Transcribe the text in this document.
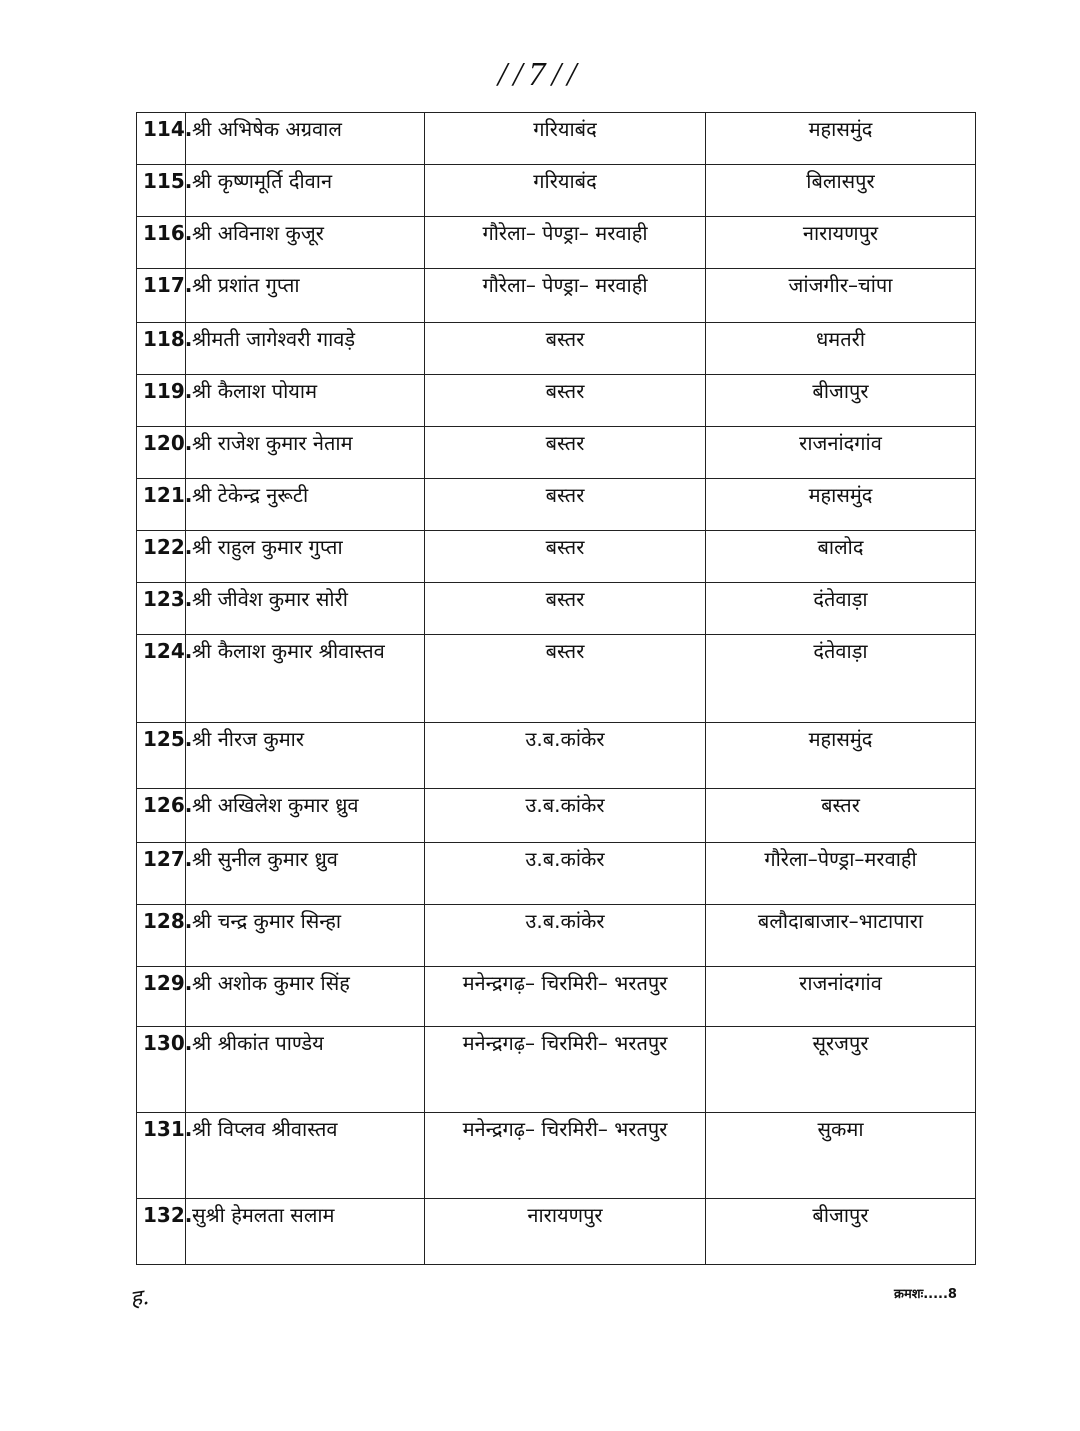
//7//
114.	श्री अभिषेक अग्रवाल	गरियाबंद	महासमुंद
115.	श्री कृष्णमूर्ति दीवान	गरियाबंद	बिलासपुर
116.	श्री अविनाश कुजूर	गौरेला– पेण्ड्रा– मरवाही	नारायणपुर
117.	श्री प्रशांत गुप्ता	गौरेला– पेण्ड्रा– मरवाही	जांजगीर–चांपा
118.	श्रीमती जागेश्वरी गावड़े	बस्तर	धमतरी
119.	श्री कैलाश पोयाम	बस्तर	बीजापुर
120.	श्री राजेश कुमार नेताम	बस्तर	राजनांदगांव
121.	श्री टेकेन्द्र नुरूटी	बस्तर	महासमुंद
122.	श्री राहुल कुमार गुप्ता	बस्तर	बालोद
123.	श्री जीवेश कुमार सोरी	बस्तर	दंतेवाड़ा
124.	श्री कैलाश कुमार श्रीवास्तव	बस्तर	दंतेवाड़ा
125.	श्री नीरज कुमार	उ.ब.कांकेर	महासमुंद
126.	श्री अखिलेश कुमार ध्रुव	उ.ब.कांकेर	बस्तर
127.	श्री सुनील कुमार ध्रुव	उ.ब.कांकेर	गौरेला–पेण्ड्रा–मरवाही
128.	श्री चन्द्र कुमार सिन्हा	उ.ब.कांकेर	बलौदाबाजार–भाटापारा
129.	श्री अशोक कुमार सिंह	मनेन्द्रगढ़– चिरमिरी– भरतपुर	राजनांदगांव
130.	श्री श्रीकांत पाण्डेय	मनेन्द्रगढ़– चिरमिरी– भरतपुर	सूरजपुर
131.	श्री विप्लव श्रीवास्तव	मनेन्द्रगढ़– चिरमिरी– भरतपुर	सुकमा
132.	सुश्री हेमलता सलाम	नारायणपुर	बीजापुर
ह.	क्रमशः.....8
